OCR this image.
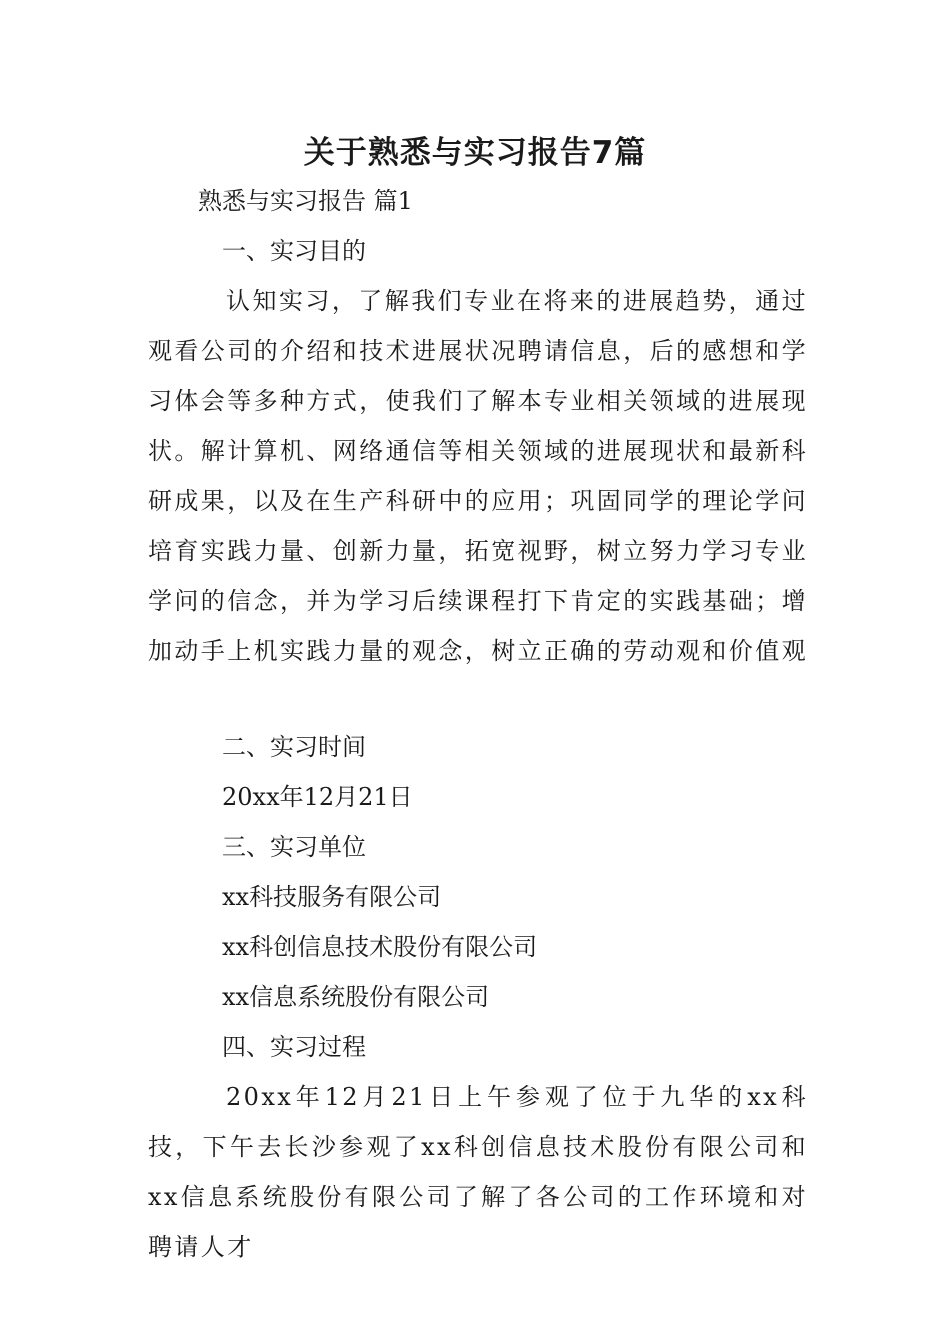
关于熟悉与实习报告7篇
熟悉与实习报告 篇1
一、实习目的
认知实习，了解我们专业在将来的进展趋势，通过观看公司的介绍和技术进展状况聘请信息，后的感想和学习体会等多种方式，使我们了解本专业相关领域的进展现状。解计算机、网络通信等相关领域的进展现状和最新科研成果，以及在生产科研中的应用；巩固同学的理论学问培育实践力量、创新力量，拓宽视野，树立努力学习专业学问的信念，并为学习后续课程打下肯定的实践基础；增加动手上机实践力量的观念，树立正确的劳动观和价值观
二、实习时间
20xx年12月21日
三、实习单位
xx科技服务有限公司
xx科创信息技术股份有限公司
xx信息系统股份有限公司
四、实习过程
20xx年12月21日上午参观了位于九华的xx科技，下午去长沙参观了xx科创信息技术股份有限公司和xx信息系统股份有限公司了解了各公司的工作环境和对聘请人才
